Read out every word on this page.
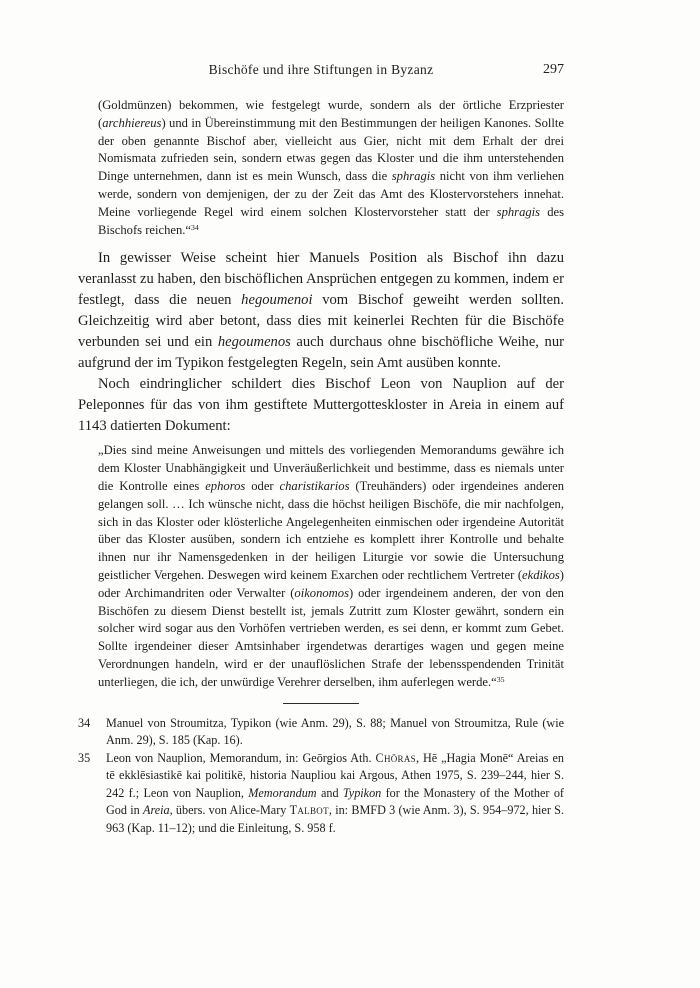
Bischöfe und ihre Stiftungen in Byzanz	297

(Goldmünzen) bekommen, wie festgelegt wurde, sondern als der örtliche Erzpriester (archhiereus) und in Übereinstimmung mit den Bestimmungen der heiligen Kanones. Sollte der oben genannte Bischof aber, vielleicht aus Gier, nicht mit dem Erhalt der drei Nomismata zufrieden sein, sondern etwas gegen das Kloster und die ihm unterstehenden Dinge unternehmen, dann ist es mein Wunsch, dass die sphragis nicht von ihm verliehen werde, sondern von demjenigen, der zu der Zeit das Amt des Klostervorstehers innehat. Meine vorliegende Regel wird einem solchen Klostervorsteher statt der sphragis des Bischofs reichen.“$^{34}$

In gewisser Weise scheint hier Manuels Position als Bischof ihn dazu veranlasst zu haben, den bischöflichen Ansprüchen entgegen zu kommen, indem er festlegt, dass die neuen hegoumenoi vom Bischof geweiht werden sollten. Gleichzeitig wird aber betont, dass dies mit keinerlei Rechten für die Bischöfe verbunden sei und ein hegoumenos auch durchaus ohne bischöfliche Weihe, nur aufgrund der im Typikon festgelegten Regeln, sein Amt ausüben konnte.

Noch eindringlicher schildert dies Bischof Leon von Nauplion auf der Peleponnes für das von ihm gestiftete Muttergotteskloster in Areia in einem auf 1143 datierten Dokument:

„Dies sind meine Anweisungen und mittels des vorliegenden Memorandums gewähre ich dem Kloster Unabhängigkeit und Unveräußerlichkeit und bestimme, dass es niemals unter die Kontrolle eines ephoros oder charistikarios (Treuhänders) oder irgendeines anderen gelangen soll. … Ich wünsche nicht, dass die höchst heiligen Bischöfe, die mir nachfolgen, sich in das Kloster oder klösterliche Angelegenheiten einmischen oder irgendeine Autorität über das Kloster ausüben, sondern ich entziehe es komplett ihrer Kontrolle und behalte ihnen nur ihr Namensgedenken in der heiligen Liturgie vor sowie die Untersuchung geistlicher Vergehen. Deswegen wird keinem Exarchen oder rechtlichem Vertreter (ekdikos) oder Archimandriten oder Verwalter (oikonomos) oder irgendeinem anderen, der von den Bischöfen zu diesem Dienst bestellt ist, jemals Zutritt zum Kloster gewährt, sondern ein solcher wird sogar aus den Vorhöfen vertrieben werden, es sei denn, er kommt zum Gebet. Sollte irgendeiner dieser Amtsinhaber irgendetwas derartiges wagen und gegen meine Verordnungen handeln, wird er der unauflöslichen Strafe der lebensspendenden Trinität unterliegen, die ich, der unwürdige Verehrer derselben, ihm auferlegen werde.“$^{35}$

34 Manuel von Stroumitza, Typikon (wie Anm. 29), S. 88; Manuel von Stroumitza, Rule (wie Anm. 29), S. 185 (Kap. 16).
35 Leon von Nauplion, Memorandum, in: Geōrgios Ath. Chōras, Hē „Hagia Monē“ Areias en tē ekklēsiastikē kai politikē, historia Naupliou kai Argous, Athen 1975, S. 239–244, hier S. 242 f.; Leon von Nauplion, Memorandum and Typikon for the Monastery of the Mother of God in Areia, übers. von Alice-Mary Talbot, in: BMFD 3 (wie Anm. 3), S. 954–972, hier S. 963 (Kap. 11–12); und die Einleitung, S. 958 f.
